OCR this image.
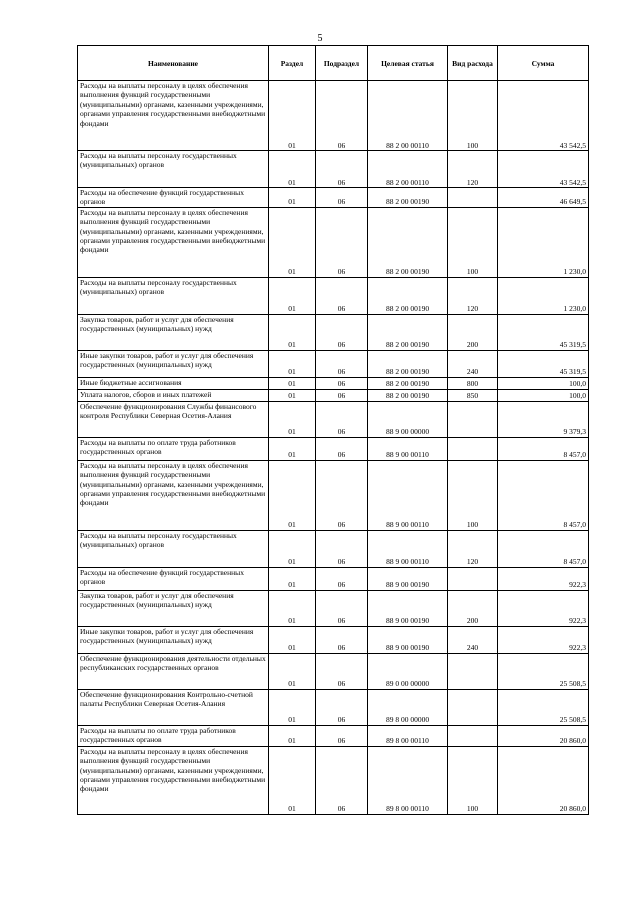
5
Наименование	Раздел	Подраздел	Целевая статья	Вид расхода	Сумма
Расходы на выплаты персоналу в целях обеспечения выполнения функций государственными (муниципальными) органами, казенными учреждениями, органами управления государственными внебюджетными фондами	01	06	88 2 00 00110	100	43 542,5
Расходы на выплаты персоналу государственных (муниципальных) органов	01	06	88 2 00 00110	120	43 542,5
Расходы на обеспечение функций государственных органов	01	06	88 2 00 00190		46 649,5
Расходы на выплаты персоналу в целях обеспечения выполнения функций государственными (муниципальными) органами, казенными учреждениями, органами управления государственными внебюджетными фондами	01	06	88 2 00 00190	100	1 230,0
Расходы на выплаты персоналу государственных (муниципальных) органов	01	06	88 2 00 00190	120	1 230,0
Закупка товаров, работ и услуг для обеспечения государственных (муниципальных) нужд	01	06	88 2 00 00190	200	45 319,5
Иные закупки товаров, работ и услуг для обеспечения государственных (муниципальных) нужд	01	06	88 2 00 00190	240	45 319,5
Иные бюджетные ассигнования	01	06	88 2 00 00190	800	100,0
Уплата налогов, сборов и иных платежей	01	06	88 2 00 00190	850	100,0
Обеспечение функционирования Службы финансового контроля Республики Северная Осетия-Алания	01	06	88 9 00 00000		9 379,3
Расходы на выплаты по оплате труда работников государственных органов	01	06	88 9 00 00110		8 457,0
Расходы на выплаты персоналу в целях обеспечения выполнения функций государственными (муниципальными) органами, казенными учреждениями, органами управления государственными внебюджетными фондами	01	06	88 9 00 00110	100	8 457,0
Расходы на выплаты персоналу государственных (муниципальных) органов	01	06	88 9 00 00110	120	8 457,0
Расходы на обеспечение функций государственных органов	01	06	88 9 00 00190		922,3
Закупка товаров, работ и услуг для обеспечения государственных (муниципальных) нужд	01	06	88 9 00 00190	200	922,3
Иные закупки товаров, работ и услуг для обеспечения государственных (муниципальных) нужд	01	06	88 9 00 00190	240	922,3
Обеспечение функционирования деятельности отдельных республиканских государственных органов	01	06	89 0 00 00000		25 508,5
Обеспечение функционирования Контрольно-счетной палаты Республики Северная Осетия-Алания	01	06	89 8 00 00000		25 508,5
Расходы на выплаты по оплате труда работников государственных органов	01	06	89 8 00 00110		20 860,0
Расходы на выплаты персоналу в целях обеспечения выполнения функций государственными (муниципальными) органами, казенными учреждениями, органами управления государственными внебюджетными фондами	01	06	89 8 00 00110	100	20 860,0
